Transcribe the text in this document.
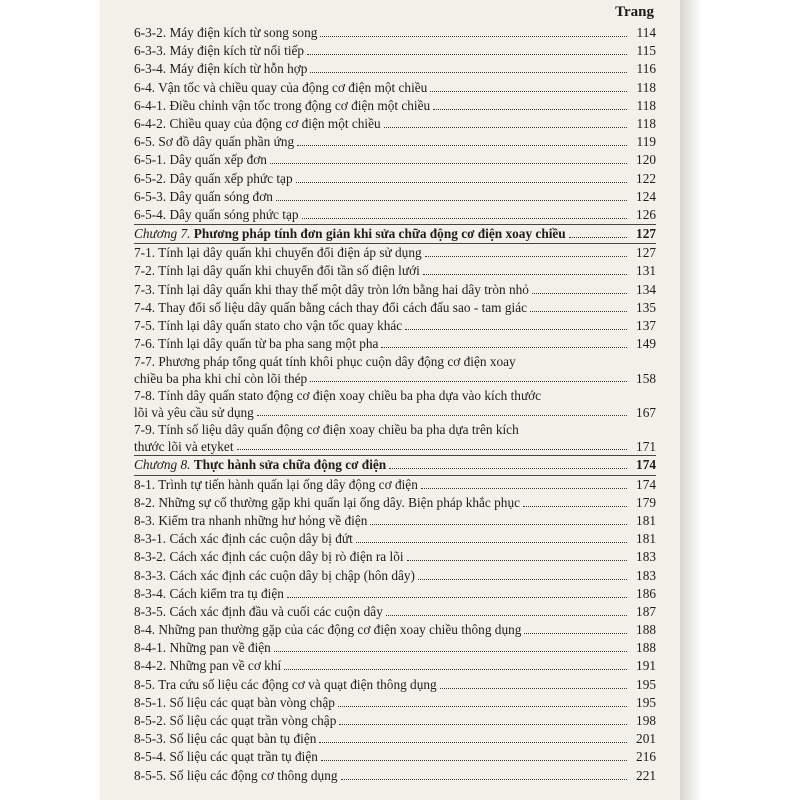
Trang
6-3-2. Máy điện kích từ song song	114
6-3-3. Máy điện kích từ nối tiếp	115
6-3-4. Máy điện kích từ hỗn hợp	116
6-4. Vận tốc và chiều quay của động cơ điện một chiều	118
6-4-1. Điều chỉnh vận tốc trong động cơ điện một chiều	118
6-4-2. Chiều quay của động cơ điện một chiều	118
6-5. Sơ đồ dây quấn phần ứng	119
6-5-1. Dây quấn xếp đơn	120
6-5-2. Dây quấn xếp phức tạp	122
6-5-3. Dây quấn sóng đơn	124
6-5-4. Dây quấn sóng phức tạp	126
Chương 7. Phương pháp tính đơn giản khi sửa chữa động cơ điện xoay chiều	127
7-1. Tính lại dây quấn khi chuyển đổi điện áp sử dụng	127
7-2. Tính lại dây quấn khi chuyển đổi tần số điện lưới	131
7-3. Tính lại dây quấn khi thay thế một dây tròn lớn bằng hai dây tròn nhỏ	134
7-4. Thay đổi số liệu dây quấn bằng cách thay đổi cách đấu sao - tam giác	135
7-5. Tính lại dây quấn stato cho vận tốc quay khác	137
7-6. Tính lại dây quấn từ ba pha sang một pha	149
7-7. Phương pháp tổng quát tính khôi phục cuộn dây động cơ điện xoay
chiều ba pha khi chỉ còn lõi thép	158
7-8. Tính dây quấn stato động cơ điện xoay chiều ba pha dựa vào kích thước
lõi và yêu cầu sử dụng	167
7-9. Tính số liệu dây quấn động cơ điện xoay chiều ba pha dựa trên kích
thước lõi và etyket	171
Chương 8. Thực hành sửa chữa động cơ điện	174
8-1. Trình tự tiến hành quấn lại ống dây động cơ điện	174
8-2. Những sự cố thường gặp khi quấn lại ống dây. Biện pháp khắc phục	179
8-3. Kiểm tra nhanh những hư hỏng về điện	181
8-3-1. Cách xác định các cuộn dây bị đứt	181
8-3-2. Cách xác định các cuộn dây bị rò điện ra lõi	183
8-3-3. Cách xác định các cuộn dây bị chập (hôn dây)	183
8-3-4. Cách kiểm tra tụ điện	186
8-3-5. Cách xác định đầu và cuối các cuộn dây	187
8-4. Những pan thường gặp của các động cơ điện xoay chiều thông dụng	188
8-4-1. Những pan về điện	188
8-4-2. Những pan về cơ khí	191
8-5. Tra cứu số liệu các động cơ và quạt điện thông dụng	195
8-5-1. Số liệu các quạt bàn vòng chập	195
8-5-2. Số liệu các quạt trần vòng chập	198
8-5-3. Số liệu các quạt bàn tụ điện	201
8-5-4. Số liệu các quạt trần tụ điện	216
8-5-5. Số liệu các động cơ thông dụng	221
